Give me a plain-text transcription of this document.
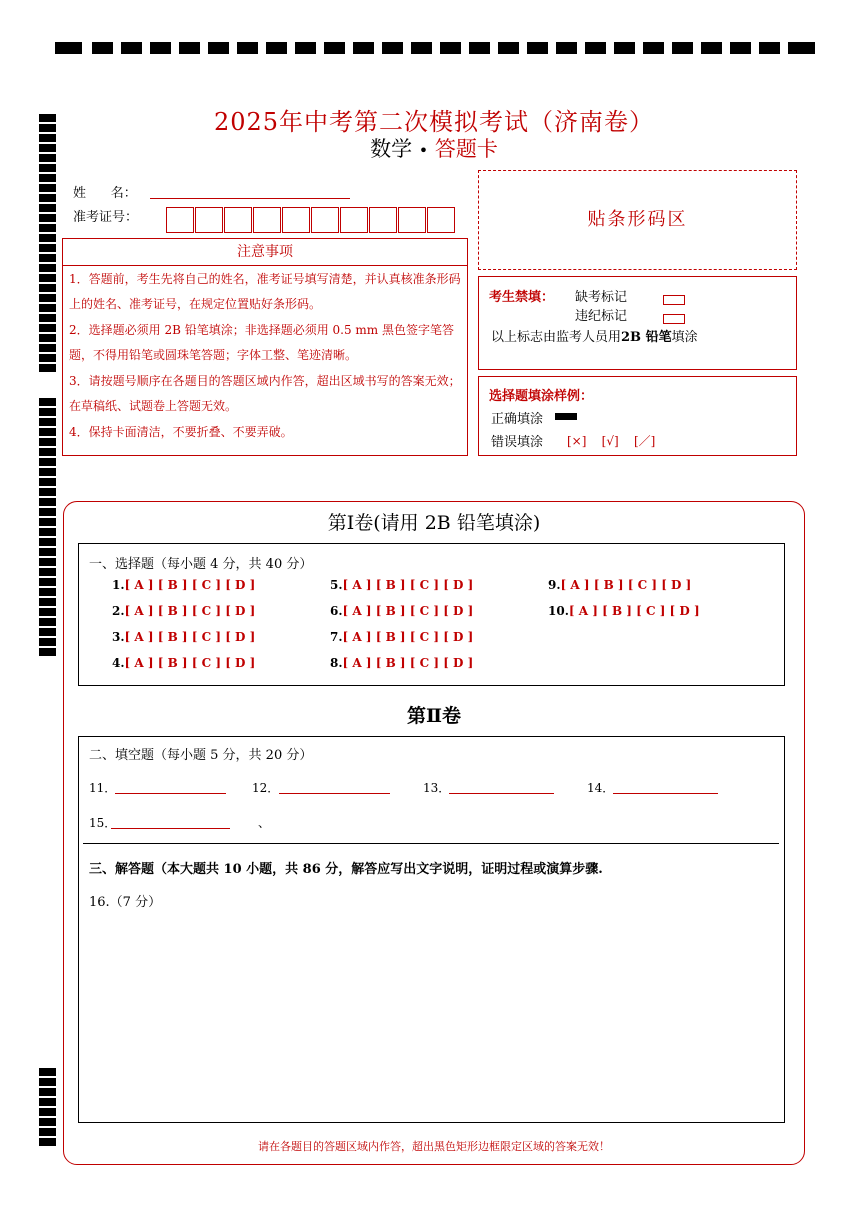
2025年中考第二次模拟考试（济南卷）
数学 • 答题卡
姓      名：
准考证号：	贴条形码区
注意事项
1．答题前，考生先将自己的姓名，准考证号填写清楚，并认真核准条形码上的姓名、准考证号，在规定位置贴好条形码。
2．选择题必须用 2B 铅笔填涂；非选择题必须用 0.5 mm 黑色签字笔答题，不得用铅笔或圆珠笔答题；字体工整、笔迹清晰。
3．请按题号顺序在各题目的答题区域内作答，超出区域书写的答案无效；在草稿纸、试题卷上答题无效。
4．保持卡面清洁，不要折叠、不要弄破。
考生禁填： 缺考标记
违纪标记
以上标志由监考人员用2B 铅笔填涂
选择题填涂样例：
正确填涂
错误填涂 [×]    [√]    [／]
第Ⅰ卷(请用 2B 铅笔填涂)
一、选择题（每小题 4 分，共 40 分）
1.[ A ] [ B ] [ C ] [ D ]
2.[ A ] [ B ] [ C ] [ D ]
3.[ A ] [ B ] [ C ] [ D ]
4.[ A ] [ B ] [ C ] [ D ]
5.[ A ] [ B ] [ C ] [ D ]
6.[ A ] [ B ] [ C ] [ D ]
7.[ A ] [ B ] [ C ] [ D ]
8.[ A ] [ B ] [ C ] [ D ]
9.[ A ] [ B ] [ C ] [ D ]
10.[ A ] [ B ] [ C ] [ D ]
第Ⅱ卷
二、填空题（每小题 5 分，共 20 分）
三、解答题（本大题共 10 小题，共 86 分，解答应写出文字说明，证明过程或演算步骤.
16.（7 分）
11．	12．	13．	14．
15．	、
请在各题目的答题区域内作答，超出黑色矩形边框限定区域的答案无效！
